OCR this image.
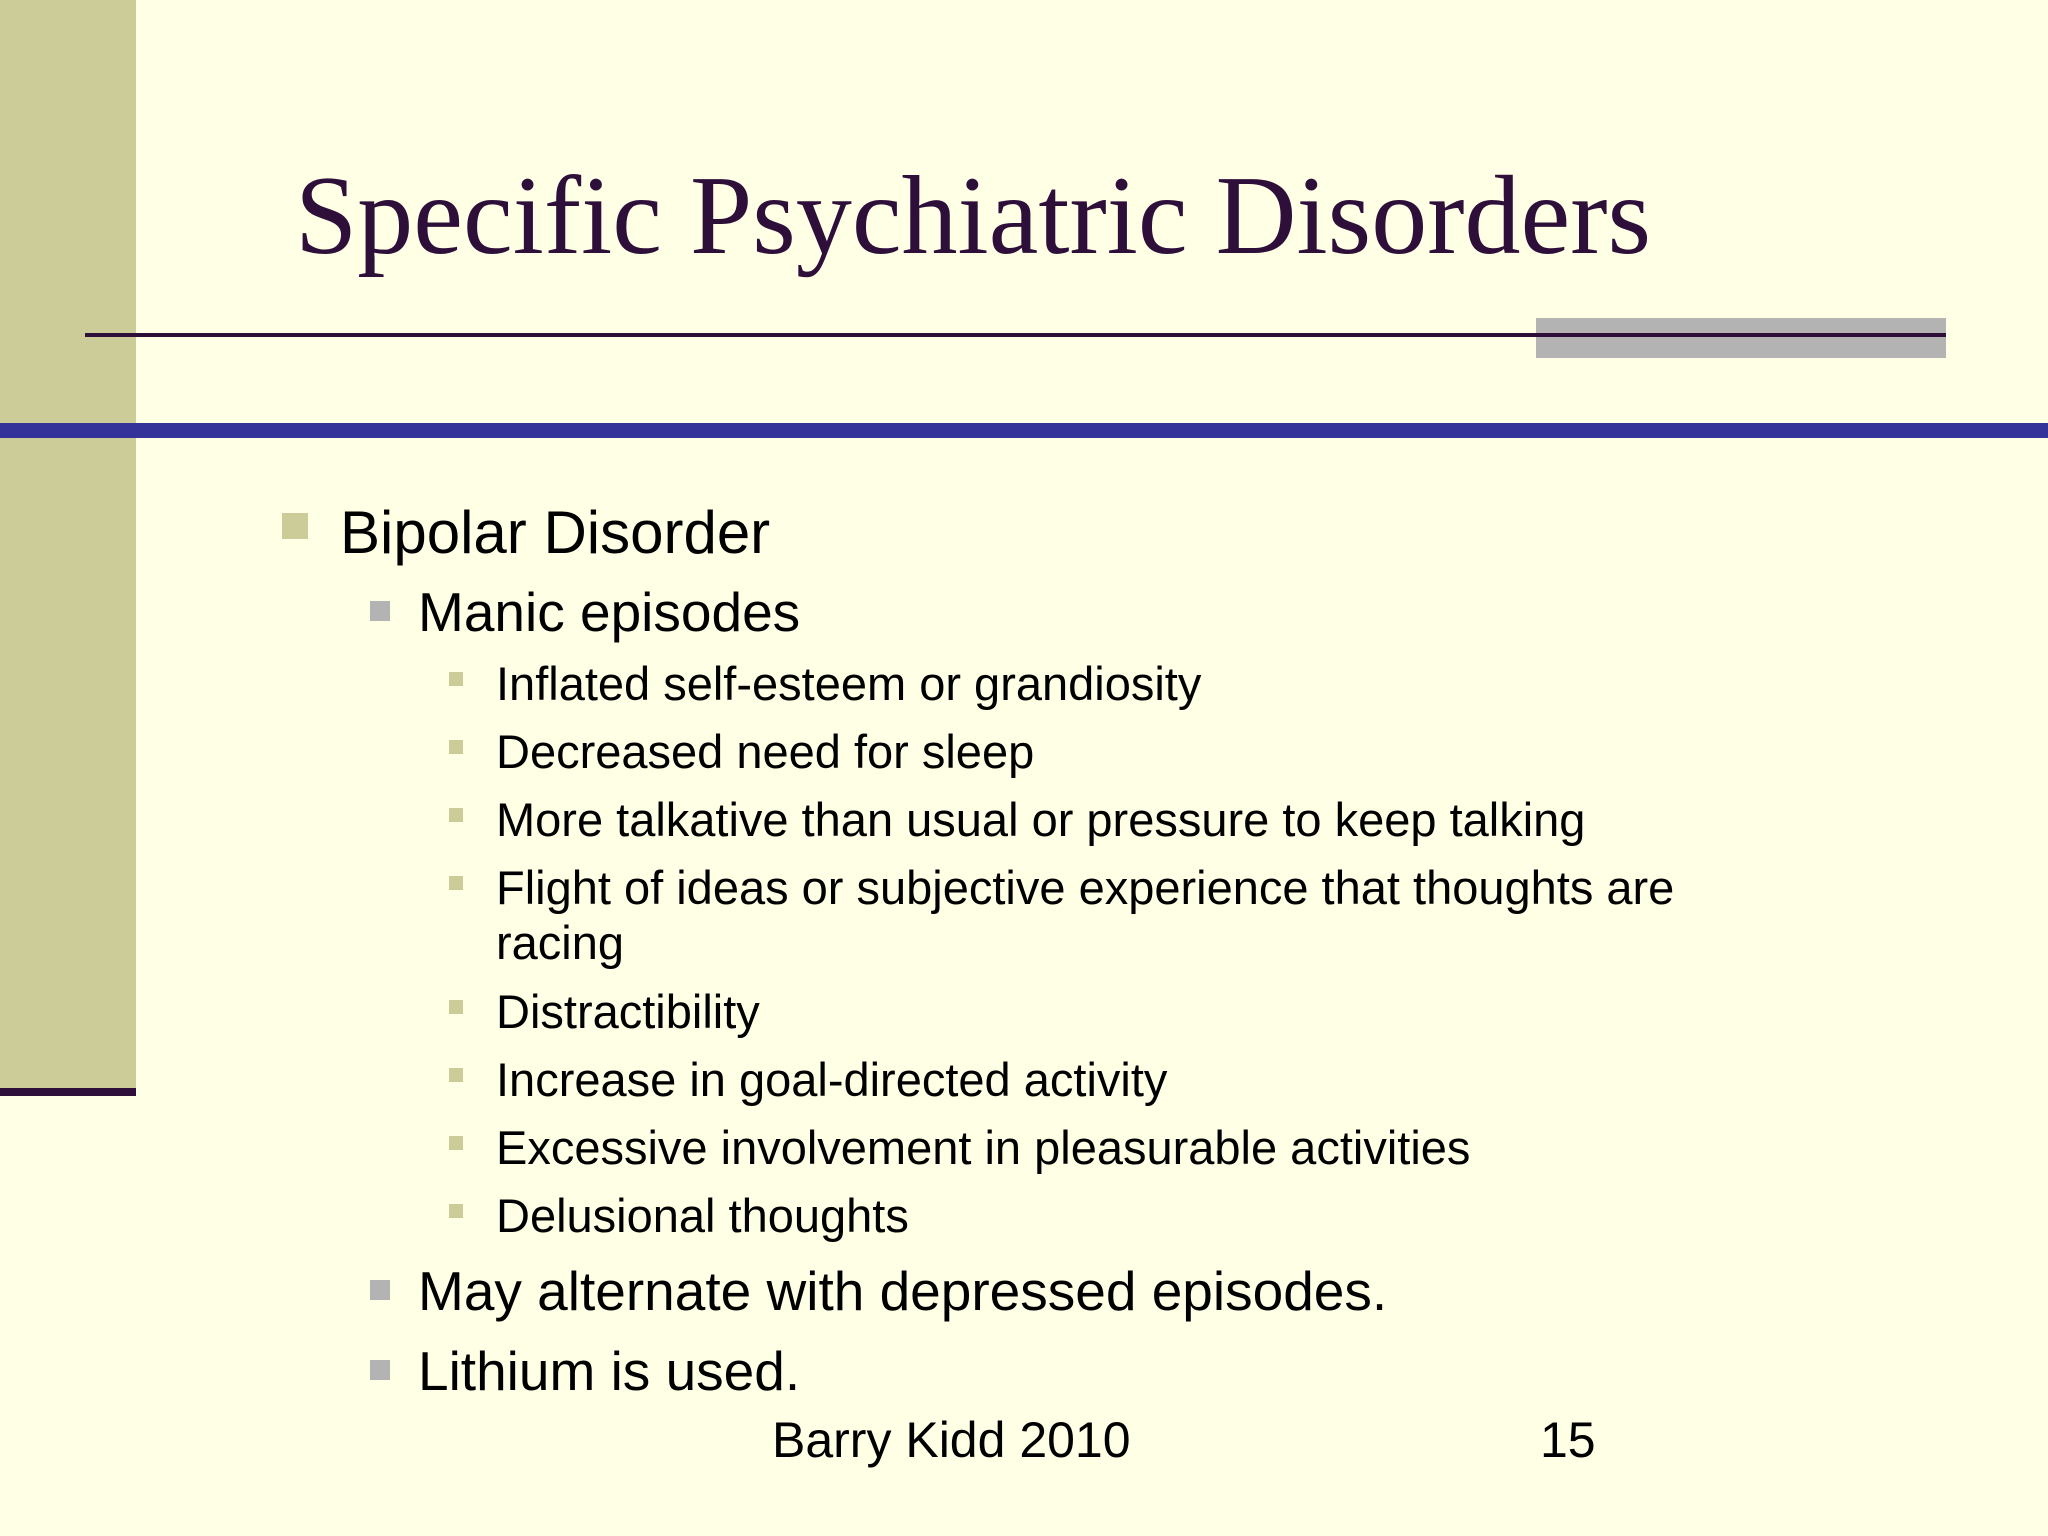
Specific Psychiatric Disorders
Bipolar Disorder
Manic episodes
Inflated self-esteem or grandiosity
Decreased need for sleep
More talkative than usual or pressure to keep talking
Flight of ideas or subjective experience that thoughts are
racing
Distractibility
Increase in goal-directed activity
Excessive involvement in pleasurable activities
Delusional thoughts
May alternate with depressed episodes.
Lithium is used.
Barry Kidd 2010	15
